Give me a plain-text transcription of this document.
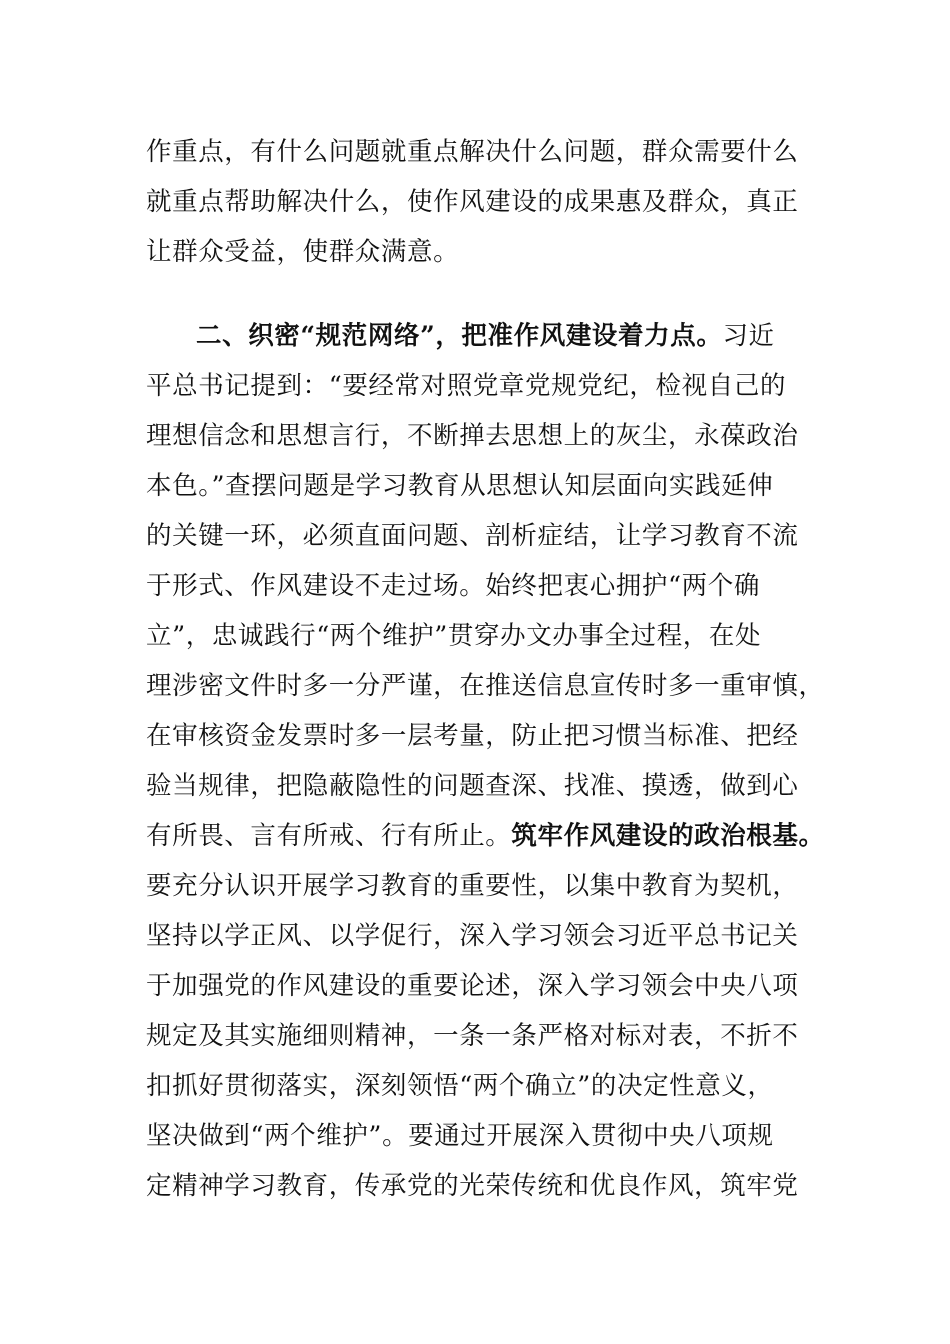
作重点，有什么问题就重点解决什么问题，群众需要什么
就重点帮助解决什么，使作风建设的成果惠及群众，真正
让群众受益，使群众满意。
二、织密“规范网络”，把准作风建设着力点。习近
平总书记提到：“要经常对照党章党规党纪，检视自己的
理想信念和思想言行，不断掸去思想上的灰尘，永葆政治
本色。”查摆问题是学习教育从思想认知层面向实践延伸
的关键一环，必须直面问题、剖析症结，让学习教育不流
于形式、作风建设不走过场。始终把衷心拥护“两个确
立”，忠诚践行“两个维护”贯穿办文办事全过程，在处
理涉密文件时多一分严谨，在推送信息宣传时多一重审慎，
在审核资金发票时多一层考量，防止把习惯当标准、把经
验当规律，把隐蔽隐性的问题查深、找准、摸透，做到心
有所畏、言有所戒、行有所止。筑牢作风建设的政治根基。
要充分认识开展学习教育的重要性，以集中教育为契机，
坚持以学正风、以学促行，深入学习领会习近平总书记关
于加强党的作风建设的重要论述，深入学习领会中央八项
规定及其实施细则精神，一条一条严格对标对表，不折不
扣抓好贯彻落实，深刻领悟“两个确立”的决定性意义，
坚决做到“两个维护”。要通过开展深入贯彻中央八项规
定精神学习教育，传承党的光荣传统和优良作风，筑牢党
